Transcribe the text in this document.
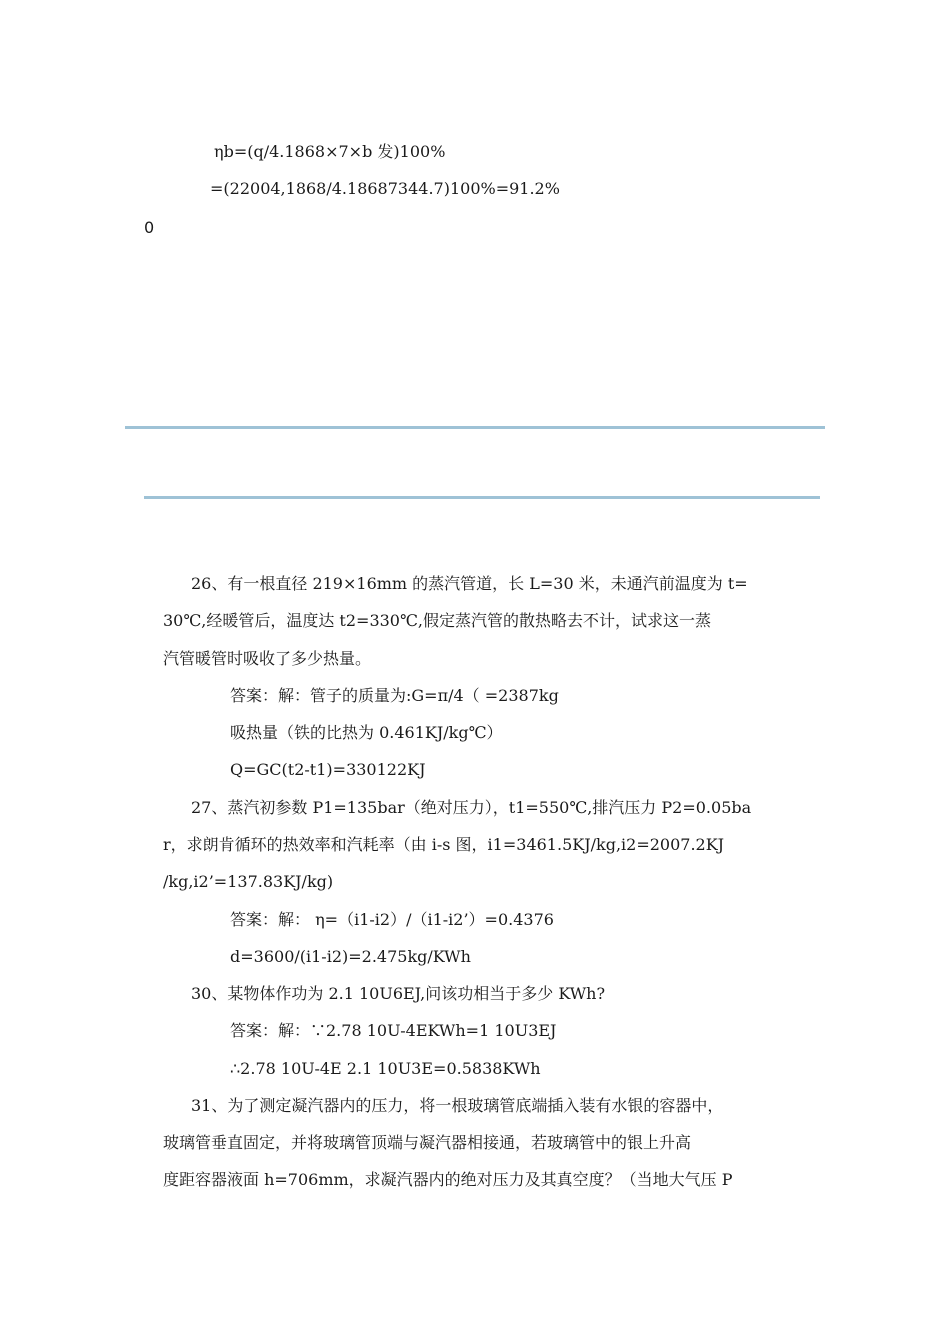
ηb=(q/4.1868×7×b 发)100%
=(22004,1868/4.18687344.7)100%=91.2%
0
26、有一根直径 219×16mm 的蒸汽管道，长 L=30 米，未通汽前温度为 t=
30℃,经暖管后，温度达 t2=330℃,假定蒸汽管的散热略去不计，试求这一蒸
汽管暖管时吸收了多少热量。
答案：解：管子的质量为:G=π/4（ =2387kg
吸热量（铁的比热为 0.461KJ/kg℃）
Q=GC(t2-t1)=330122KJ
27、蒸汽初参数 P1=135bar（绝对压力），t1=550℃,排汽压力 P2=0.05ba
r，求朗肯循环的热效率和汽耗率（由 i-s 图，i1=3461.5KJ/kg,i2=2007.2KJ
/kg,i2’=137.83KJ/kg)
答案：解： η=（i1-i2）/（i1-i2’）=0.4376
d=3600/(i1-i2)=2.475kg/KWh
30、某物体作功为 2.1 10U6EJ,问该功相当于多少 KWh?
答案：解：∵2.78 10U-4EKWh=1 10U3EJ
∴2.78 10U-4E 2.1 10U3E=0.5838KWh
31、为了测定凝汽器内的压力，将一根玻璃管底端插入装有水银的容器中，
玻璃管垂直固定，并将玻璃管顶端与凝汽器相接通，若玻璃管中的银上升高
度距容器液面 h=706mm，求凝汽器内的绝对压力及其真空度？（当地大气压 P
